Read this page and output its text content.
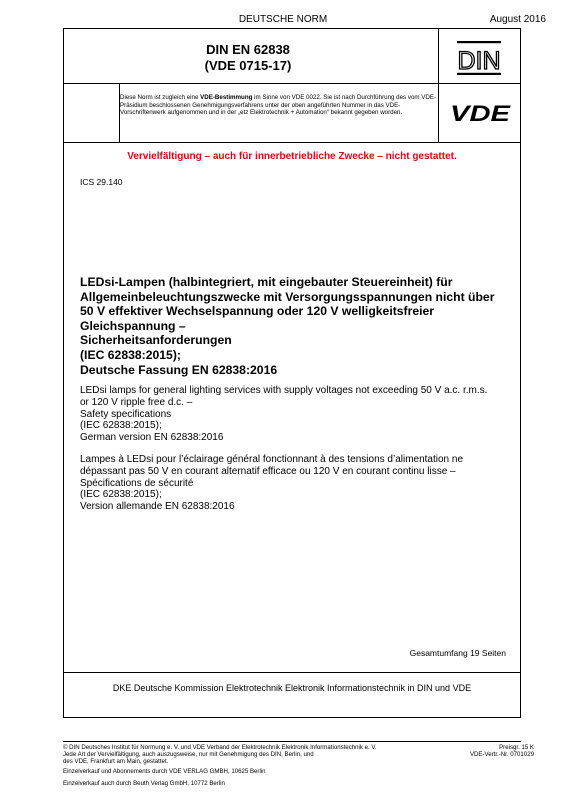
DEUTSCHE NORM	August 2016
DIN EN 62838
(VDE 0715-17)	DIN
Diese Norm ist zugleich eine VDE-Bestimmung im Sinne von VDE 0022. Sie ist nach Durchführung des vom VDE-Präsidium beschlossenen Genehmigungsverfahrens unter der oben angeführten Nummer in das VDE-Vorschriftenwerk aufgenommen und in der „etz Elektrotechnik + Automation“ bekannt gegeben worden.	VDE
Vervielfältigung – auch für innerbetriebliche Zwecke – nicht gestattet.
ICS 29.140
LEDsi-Lampen (halbintegriert, mit eingebauter Steuereinheit) für
Allgemeinbeleuchtungszwecke mit Versorgungsspannungen nicht über
50 V effektiver Wechselspannung oder 120 V welligkeitsfreier
Gleichspannung –
Sicherheitsanforderungen
(IEC 62838:2015);
Deutsche Fassung EN 62838:2016
LEDsi lamps for general lighting services with supply voltages not exceeding 50 V a.c. r.m.s.
or 120 V ripple free d.c. –
Safety specifications
(IEC 62838:2015);
German version EN 62838:2016
Lampes à LEDsi pour l’éclairage général fonctionnant à des tensions d’alimentation ne
dépassant pas 50 V en courant alternatif efficace ou 120 V en courant continu lisse –
Spécifications de sécurité
(IEC 62838:2015);
Version allemande EN 62838:2016
Gesamtumfang 19 Seiten
DKE Deutsche Kommission Elektrotechnik Elektronik Informationstechnik in DIN und VDE
© DIN Deutsches Institut für Normung e. V. und VDE Verband der Elektrotechnik Elektronik Informationstechnik e. V.
Jede Art der Vervielfältigung, auch auszugsweise, nur mit Genehmigung des DIN, Berlin, und
des VDE, Frankfurt am Main, gestattet.
Preisgr. 15 K
VDE-Vertr.-Nr. 0701029
Einzelverkauf und Abonnements durch VDE VERLAG GMBH, 10625 Berlin
Einzelverkauf auch durch Beuth Verlag GmbH, 10772 Berlin
